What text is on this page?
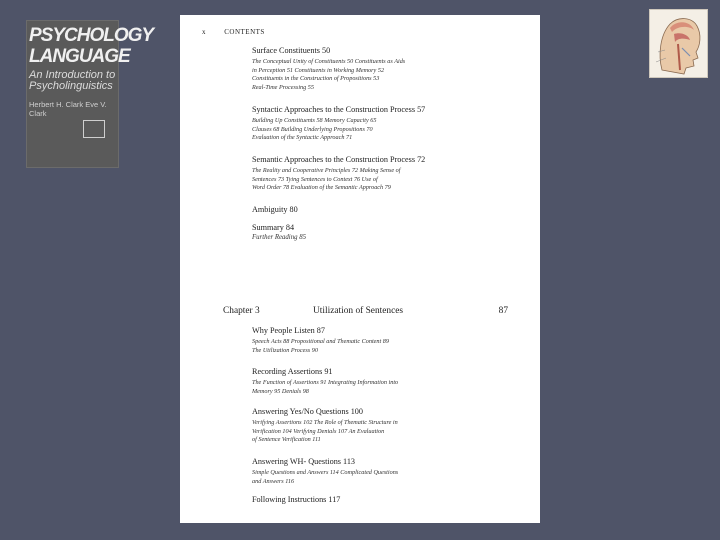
PSYCHOLOGY
LANGUAGE
An Introduction to Psycholinguistics
Herbert H. Clark Eve V. Clark
x	CONTENTS
Surface Constituents 50
The Conceptual Unity of Constituents 50 Constituents as Aids
in Perception 51 Constituents in Working Memory 52
Constituents in the Construction of Propositions 53
Real-Time Processing 55
Syntactic Approaches to the Construction Process 57
Building Up Constituents 58 Memory Capacity 65
Clauses 68 Building Underlying Propositions 70
Evaluation of the Syntactic Approach 71
Semantic Approaches to the Construction Process 72
The Reality and Cooperative Principles 72 Making Sense of
Sentences 73 Tying Sentences to Context 76 Use of
Word Order 78 Evaluation of the Semantic Approach 79
Ambiguity 80
Summary 84
Further Reading 85
Chapter 3	Utilization of Sentences	87
Why People Listen 87
Speech Acts 88 Propositional and Thematic Content 89
The Utilization Process 90
Recording Assertions 91
The Function of Assertions 91 Integrating Information into
Memory 95 Denials 98
Answering Yes/No Questions 100
Verifying Assertions 102 The Role of Thematic Structure in
Verification 104 Verifying Denials 107 An Evaluation
of Sentence Verification 111
Answering WH- Questions 113
Simple Questions and Answers 114 Complicated Questions
and Answers 116
Following Instructions 117
